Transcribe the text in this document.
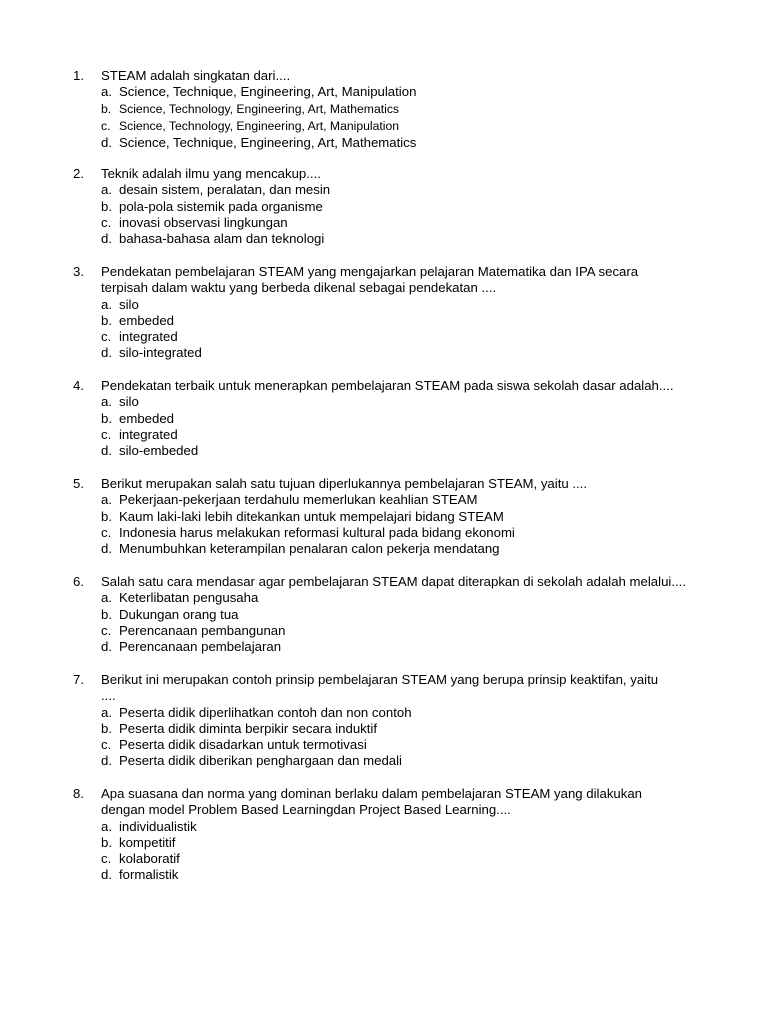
1. STEAM adalah singkatan dari....
a. Science, Technique, Engineering, Art, Manipulation
b. Science, Technology, Engineering, Art, Mathematics
c. Science, Technology, Engineering, Art, Manipulation
d. Science, Technique, Engineering, Art, Mathematics
2. Teknik adalah ilmu yang mencakup....
a. desain sistem, peralatan, dan mesin
b. pola-pola sistemik pada organisme
c. inovasi observasi lingkungan
d. bahasa-bahasa alam dan teknologi
3. Pendekatan pembelajaran STEAM yang mengajarkan pelajaran Matematika dan IPA secara
terpisah dalam waktu yang berbeda dikenal sebagai pendekatan ....
a. silo
b. embeded
c. integrated
d. silo-integrated
4. Pendekatan terbaik untuk menerapkan pembelajaran STEAM pada siswa sekolah dasar adalah....
a. silo
b. embeded
c. integrated
d. silo-embeded
5. Berikut merupakan salah satu tujuan diperlukannya pembelajaran STEAM, yaitu ....
a. Pekerjaan-pekerjaan terdahulu memerlukan keahlian STEAM
b. Kaum laki-laki lebih ditekankan untuk mempelajari bidang STEAM
c. Indonesia harus melakukan reformasi kultural pada bidang ekonomi
d. Menumbuhkan keterampilan penalaran calon pekerja mendatang
6. Salah satu cara mendasar agar pembelajaran STEAM dapat diterapkan di sekolah adalah melalui....
a. Keterlibatan pengusaha
b. Dukungan orang tua
c. Perencanaan pembangunan
d. Perencanaan pembelajaran
7. Berikut ini merupakan contoh prinsip pembelajaran STEAM yang berupa prinsip keaktifan, yaitu
....
a. Peserta didik diperlihatkan contoh dan non contoh
b. Peserta didik diminta berpikir secara induktif
c. Peserta didik disadarkan untuk termotivasi
d. Peserta didik diberikan penghargaan dan medali
8. Apa suasana dan norma yang dominan berlaku dalam pembelajaran STEAM yang dilakukan
dengan model Problem Based Learningdan Project Based Learning....
a. individualistik
b. kompetitif
c. kolaboratif
d. formalistik
